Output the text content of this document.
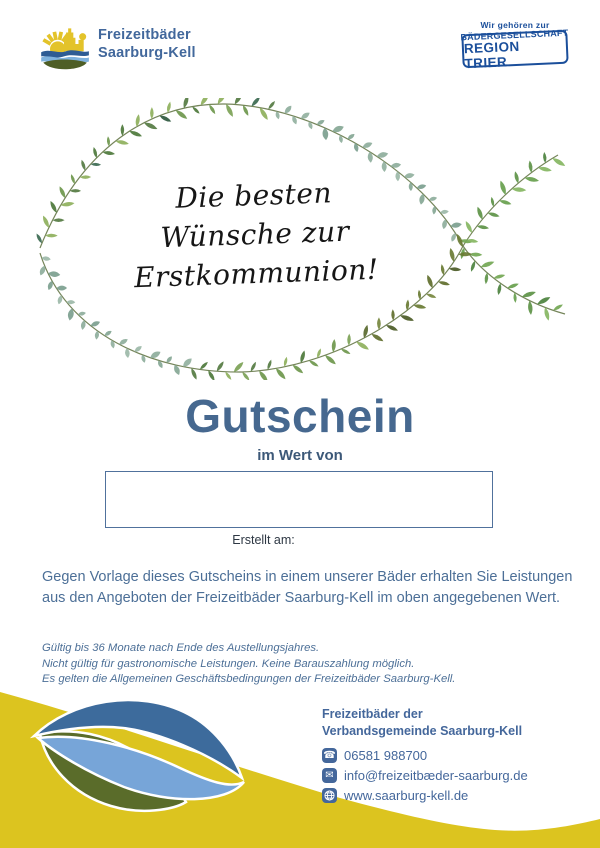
Freizeitbäder
Saarburg-Kell
Wir gehören zur
BÄDERGESELLSCHAFT
REGION TRIER
Die besten
Wünsche zur
Erstkommunion!
Gutschein
im Wert von
Erstellt am:
Gegen Vorlage dieses Gutscheins in einem unserer Bäder erhalten Sie Leistungen aus den Angeboten der Freizeitbäder Saarburg-Kell im oben angegebenen Wert.
Gültig bis 36 Monate nach Ende des Austellungsjahres.
Nicht gültig für gastronomische Leistungen. Keine Barauszahlung möglich.
Es gelten die Allgemeinen Geschäftsbedingungen der Freizeitbäder Saarburg-Kell.
Freizeitbäder der
Verbandsgemeinde Saarburg-Kell
☎ 06581 988700
✉ info@freizeitbæder-saarburg.de
www.saarburg-kell.de
